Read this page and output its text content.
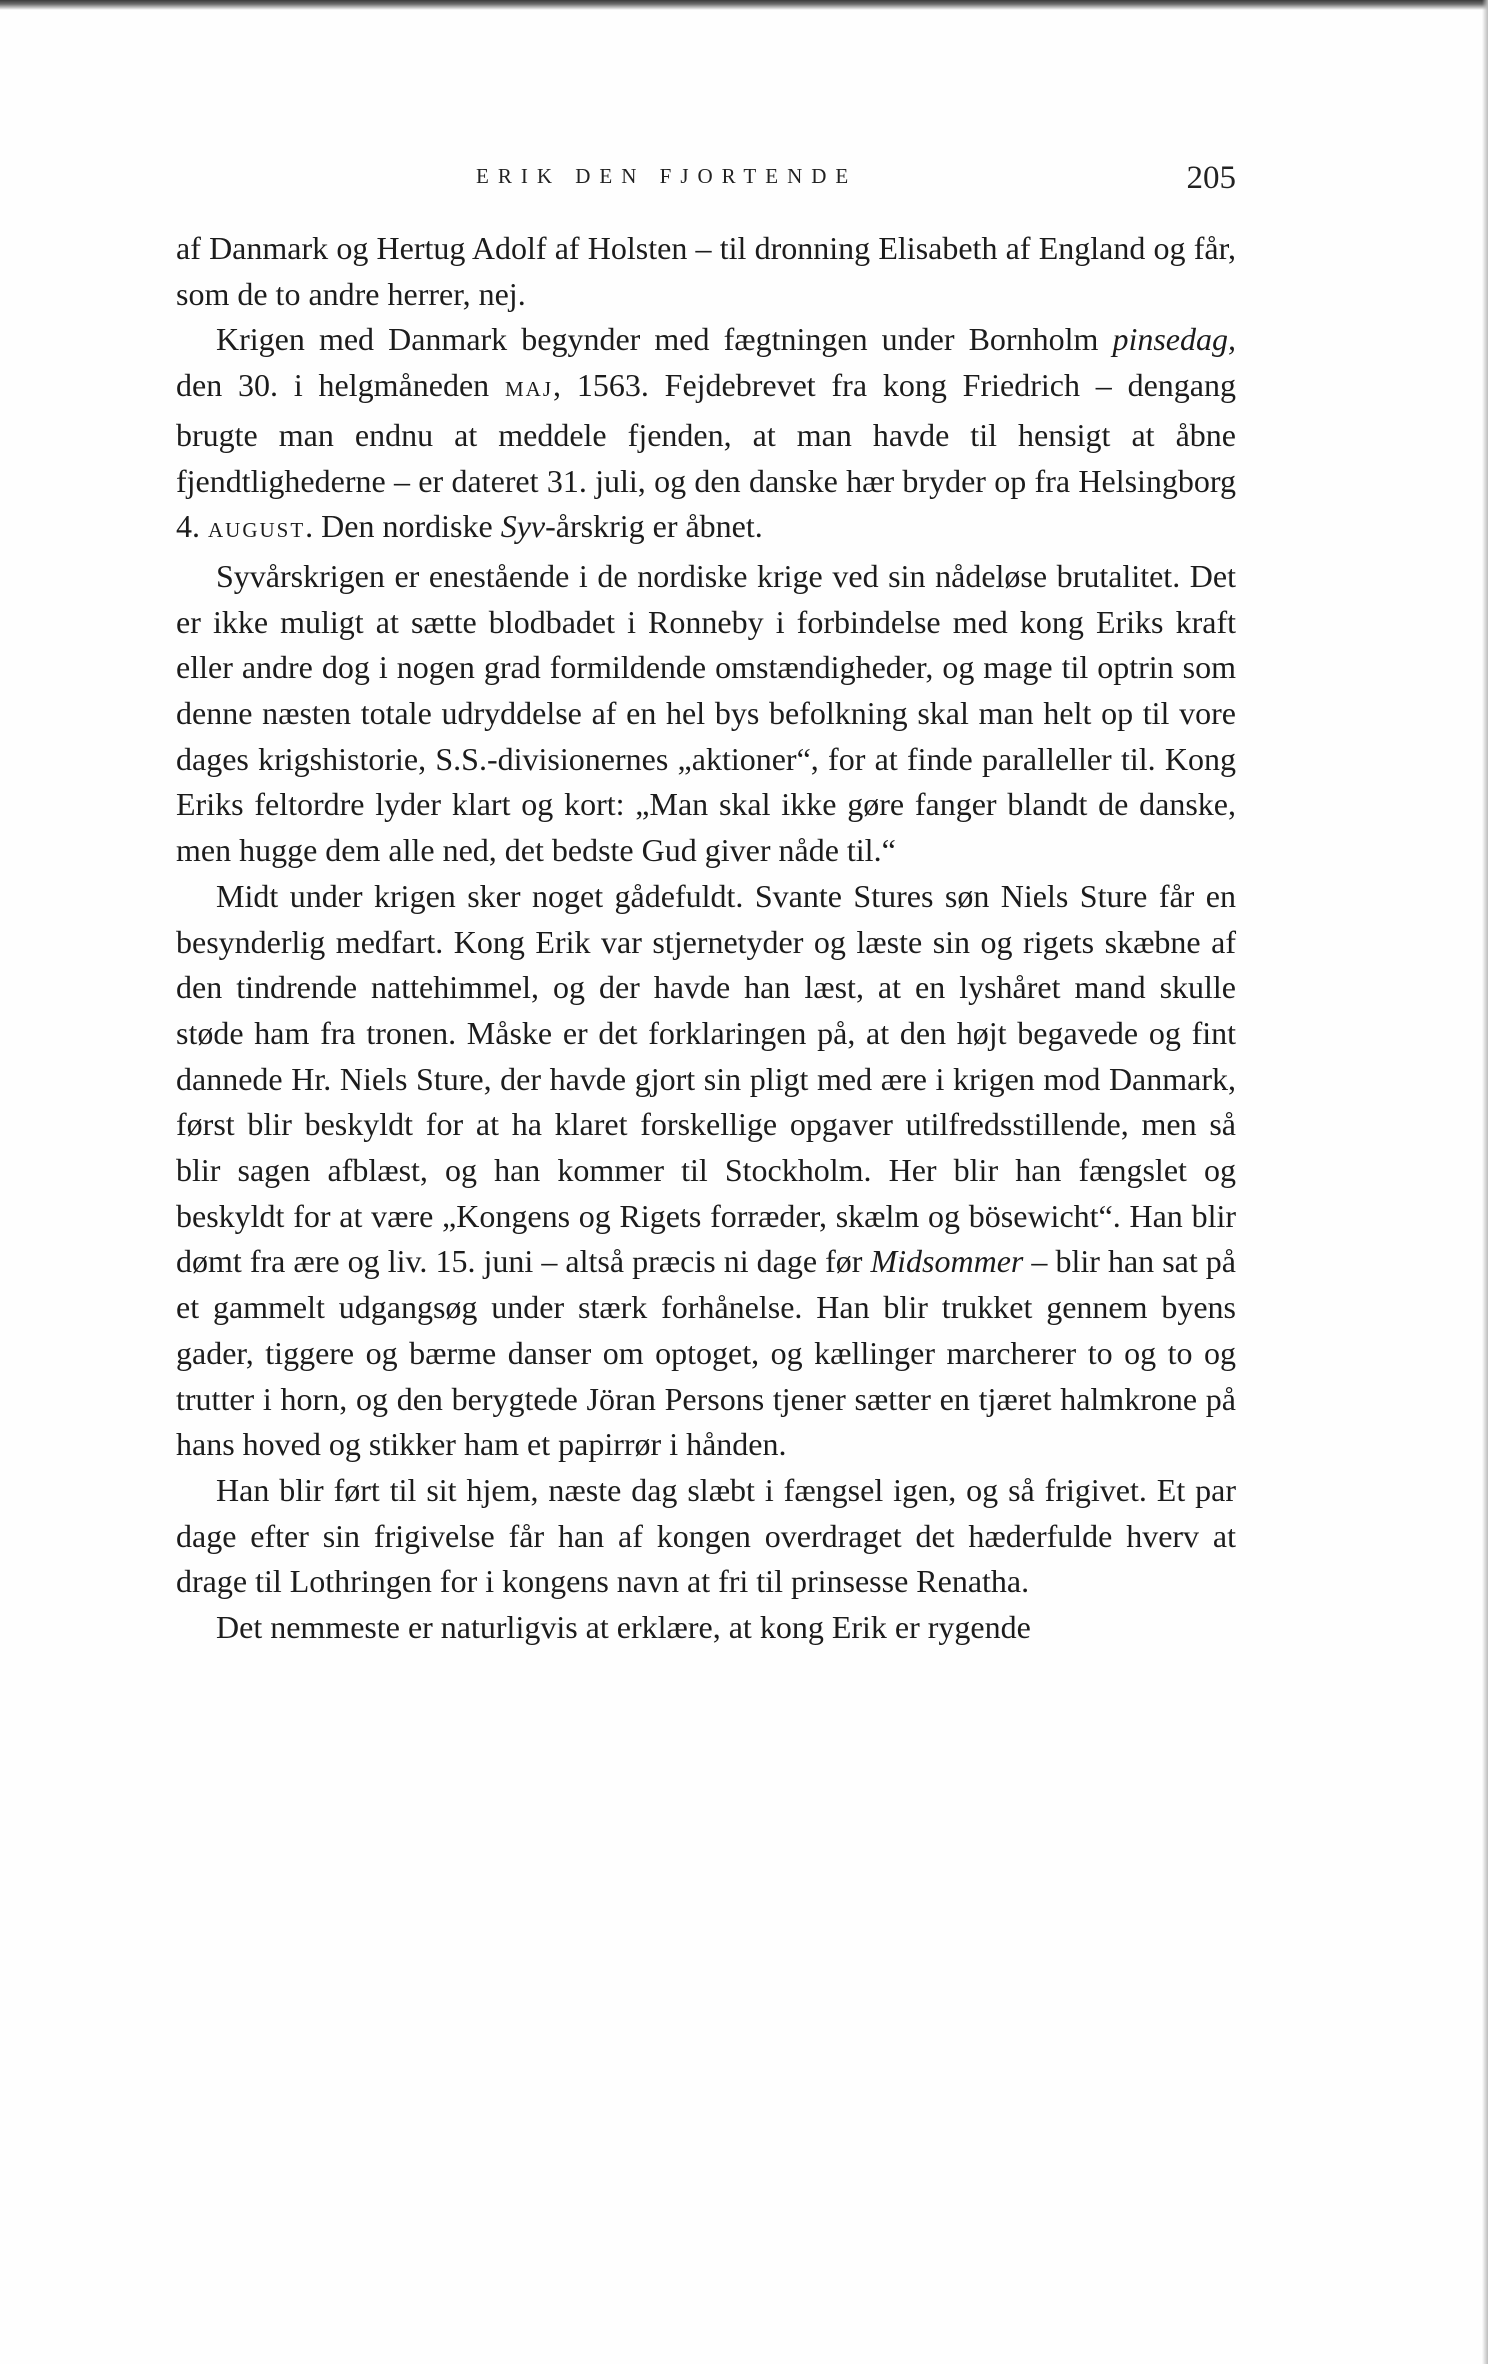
ERIK DEN FJORTENDE	205

af Danmark og Hertug Adolf af Holsten – til dronning Elisabeth af England og får, som de to andre herrer, nej.

Krigen med Danmark begynder med fægtningen under Bornholm pinsedag, den 30. i helgmåneden MAJ, 1563. Fejdebrevet fra kong Friedrich – dengang brugte man endnu at meddele fjenden, at man havde til hensigt at åbne fjendtlighederne – er dateret 31. juli, og den danske hær bryder op fra Helsingborg 4. AUGUST. Den nordiske Syv-årskrig er åbnet.

Syvårskrigen er enestående i de nordiske krige ved sin nådeløse brutalitet. Det er ikke muligt at sætte blodbadet i Ronneby i forbindelse med kong Eriks kraft eller andre dog i nogen grad formildende omstændigheder, og mage til optrin som denne næsten totale udryddelse af en hel bys befolkning skal man helt op til vore dages krigshistorie, S.S.-divisionernes „aktioner“, for at finde paralleller til. Kong Eriks feltordre lyder klart og kort: „Man skal ikke gøre fanger blandt de danske, men hugge dem alle ned, det bedste Gud giver nåde til.“

Midt under krigen sker noget gådefuldt. Svante Stures søn Niels Sture får en besynderlig medfart. Kong Erik var stjernetyder og læste sin og rigets skæbne af den tindrende nattehimmel, og der havde han læst, at en lyshåret mand skulle støde ham fra tronen. Måske er det forklaringen på, at den højt begavede og fint dannede Hr. Niels Sture, der havde gjort sin pligt med ære i krigen mod Danmark, først blir beskyldt for at ha klaret forskellige opgaver utilfredsstillende, men så blir sagen afblæst, og han kommer til Stockholm. Her blir han fængslet og beskyldt for at være „Kongens og Rigets forræder, skælm og bösewicht“. Han blir dømt fra ære og liv. 15. juni – altså præcis ni dage før Midsommer – blir han sat på et gammelt udgangsøg under stærk forhånelse. Han blir trukket gennem byens gader, tiggere og bærme danser om optoget, og kællinger marcherer to og to og trutter i horn, og den berygtede Jöran Persons tjener sætter en tjæret halmkrone på hans hoved og stikker ham et papirrør i hånden.

Han blir ført til sit hjem, næste dag slæbt i fængsel igen, og så frigivet. Et par dage efter sin frigivelse får han af kongen overdraget det hæderfulde hverv at drage til Lothringen for i kongens navn at fri til prinsesse Renatha.

Det nemmeste er naturligvis at erklære, at kong Erik er rygende
